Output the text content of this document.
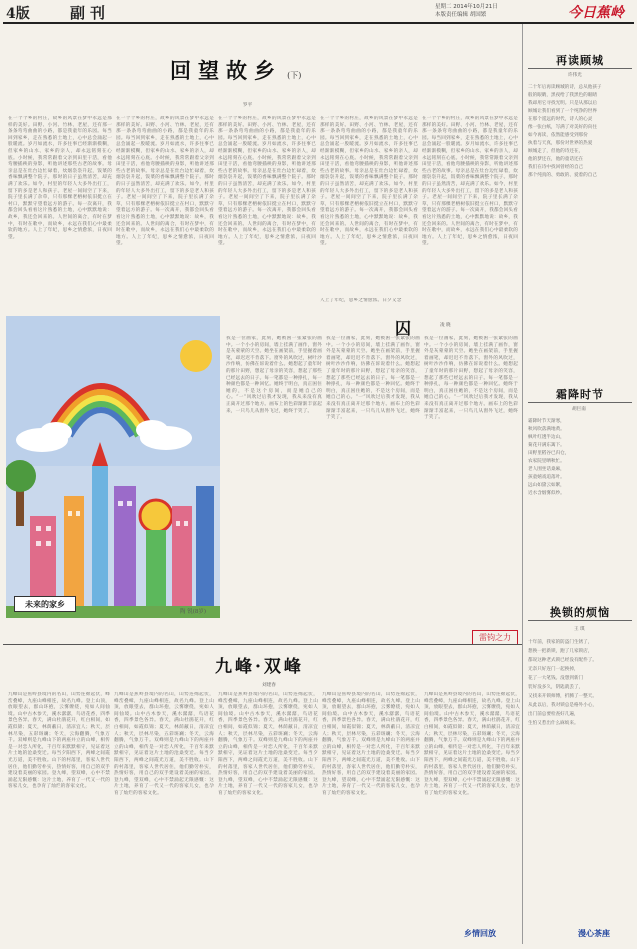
4版	副刊	星期二 2014年10月21日
本版责任编辑 胡国繁	今日蕉岭
回望故乡 (下)
罗平
在一个个乡的村庄，故乡的风景在梦中永远是那样的美好。田野、小河、竹林、老屋，还有那一条条弯弯曲曲的小路，都是我童年的乐园。每当回到家乡，走在熟悉的土地上，心中总会涌起一股暖流。岁月如流水，许多往事已经渐渐模糊，但家乡的山水、家乡的亲人，却永远铭刻在心底。小时候，我常常跟着父亲到田里干活，看他弯腰插秧的身影，听他讲述那些古老的故事。母亲总是在灶台边忙碌着，炊烟袅袅升起，饭菜的香味飘满整个院子。那时的日子虽然清苦，却充满了欢乐。如今，村里的年轻人大多外出打工，留下的多是老人和孩子。老屋一间间空了下来，院子里长满了杂草，只有那棵老榕树依旧挺立在村口，默默守望着远方的游子。每一次离开，我都会回头看看这片熟悉的土地，心中默默地说：故乡，我还会回来的。人世间的离合，有时在梦中，有时在歌中，而故乡，永远在我们心中最柔软的地方。人上了年纪，思乡之情愈浓，日夜回望。
在一个个乡的村庄，故乡的风景在梦中永远是那样的美好。田野、小河、竹林、老屋，还有那一条条弯弯曲曲的小路，都是我童年的乐园。每当回到家乡，走在熟悉的土地上，心中总会涌起一股暖流。岁月如流水，许多往事已经渐渐模糊，但家乡的山水、家乡的亲人，却永远铭刻在心底。小时候，我常常跟着父亲到田里干活，看他弯腰插秧的身影，听他讲述那些古老的故事。母亲总是在灶台边忙碌着，炊烟袅袅升起，饭菜的香味飘满整个院子。那时的日子虽然清苦，却充满了欢乐。如今，村里的年轻人大多外出打工，留下的多是老人和孩子。老屋一间间空了下来，院子里长满了杂草，只有那棵老榕树依旧挺立在村口，默默守望着远方的游子。每一次离开，我都会回头看看这片熟悉的土地，心中默默地说：故乡，我还会回来的。人世间的离合，有时在梦中，有时在歌中，而故乡，永远在我们心中最柔软的地方。人上了年纪，思乡之情愈浓，日夜回望。
在一个个乡的村庄，故乡的风景在梦中永远是那样的美好。田野、小河、竹林、老屋，还有那一条条弯弯曲曲的小路，都是我童年的乐园。每当回到家乡，走在熟悉的土地上，心中总会涌起一股暖流。岁月如流水，许多往事已经渐渐模糊，但家乡的山水、家乡的亲人，却永远铭刻在心底。小时候，我常常跟着父亲到田里干活，看他弯腰插秧的身影，听他讲述那些古老的故事。母亲总是在灶台边忙碌着，炊烟袅袅升起，饭菜的香味飘满整个院子。那时的日子虽然清苦，却充满了欢乐。如今，村里的年轻人大多外出打工，留下的多是老人和孩子。老屋一间间空了下来，院子里长满了杂草，只有那棵老榕树依旧挺立在村口，默默守望着远方的游子。每一次离开，我都会回头看看这片熟悉的土地，心中默默地说：故乡，我还会回来的。人世间的离合，有时在梦中，有时在歌中，而故乡，永远在我们心中最柔软的地方。人上了年纪，思乡之情愈浓，日夜回望。
在一个个乡的村庄，故乡的风景在梦中永远是那样的美好。田野、小河、竹林、老屋，还有那一条条弯弯曲曲的小路，都是我童年的乐园。每当回到家乡，走在熟悉的土地上，心中总会涌起一股暖流。岁月如流水，许多往事已经渐渐模糊，但家乡的山水、家乡的亲人，却永远铭刻在心底。小时候，我常常跟着父亲到田里干活，看他弯腰插秧的身影，听他讲述那些古老的故事。母亲总是在灶台边忙碌着，炊烟袅袅升起，饭菜的香味飘满整个院子。那时的日子虽然清苦，却充满了欢乐。如今，村里的年轻人大多外出打工，留下的多是老人和孩子。老屋一间间空了下来，院子里长满了杂草，只有那棵老榕树依旧挺立在村口，默默守望着远方的游子。每一次离开，我都会回头看看这片熟悉的土地，心中默默地说：故乡，我还会回来的。人世间的离合，有时在梦中，有时在歌中，而故乡，永远在我们心中最柔软的地方。人上了年纪，思乡之情愈浓，日夜回望。
在一个个乡的村庄，故乡的风景在梦中永远是那样的美好。田野、小河、竹林、老屋，还有那一条条弯弯曲曲的小路，都是我童年的乐园。每当回到家乡，走在熟悉的土地上，心中总会涌起一股暖流。岁月如流水，许多往事已经渐渐模糊，但家乡的山水、家乡的亲人，却永远铭刻在心底。小时候，我常常跟着父亲到田里干活，看他弯腰插秧的身影，听他讲述那些古老的故事。母亲总是在灶台边忙碌着，炊烟袅袅升起，饭菜的香味飘满整个院子。那时的日子虽然清苦，却充满了欢乐。如今，村里的年轻人大多外出打工，留下的多是老人和孩子。老屋一间间空了下来，院子里长满了杂草，只有那棵老榕树依旧挺立在村口，默默守望着远方的游子。每一次离开，我都会回头看看这片熟悉的土地，心中默默地说：故乡，我还会回来的。人世间的离合，有时在梦中，有时在歌中，而故乡，永远在我们心中最柔软的地方。人上了年纪，思乡之情愈浓，日夜回望。
人上了年纪，思乡之情愈浓。日夕又念
未来的家乡
陶 锐(8岁)
囚	凌 晓
我是一位画家，此刻，她被困一张紧张的画中。一个小小的房间，墙上挂满了画作，窗外是灰蒙蒙的天空。她坐在画架前，手里握着画笔，却迟迟不肯落下。窗外的风吹过，树叶沙沙作响，仿佛在诉说着什么。她想起了童年时的那片田野，想起了母亲的笑容，想起了那些已经远去的日子。每一笔都是一种挣扎，每一种颜色都是一种回忆。她终于明白，真正困住她的，不是这个房间，而是她自己的心。“一”风吹过后我才发现，我从来没有真正离开过那个地方。画布上的色彩渐渐丰富起来，一只鸟儿从窗外飞过，她终于笑了。
我是一位画家，此刻，她被困一张紧张的画中。一个小小的房间，墙上挂满了画作，窗外是灰蒙蒙的天空。她坐在画架前，手里握着画笔，却迟迟不肯落下。窗外的风吹过，树叶沙沙作响，仿佛在诉说着什么。她想起了童年时的那片田野，想起了母亲的笑容，想起了那些已经远去的日子。每一笔都是一种挣扎，每一种颜色都是一种回忆。她终于明白，真正困住她的，不是这个房间，而是她自己的心。“一”风吹过后我才发现，我从来没有真正离开过那个地方。画布上的色彩渐渐丰富起来，一只鸟儿从窗外飞过，她终于笑了。
我是一位画家，此刻，她被困一张紧张的画中。一个小小的房间，墙上挂满了画作，窗外是灰蒙蒙的天空。她坐在画架前，手里握着画笔，却迟迟不肯落下。窗外的风吹过，树叶沙沙作响，仿佛在诉说着什么。她想起了童年时的那片田野，想起了母亲的笑容，想起了那些已经远去的日子。每一笔都是一种挣扎，每一种颜色都是一种回忆。她终于明白，真正困住她的，不是这个房间，而是她自己的心。“一”风吹过后我才发现，我从来没有真正离开过那个地方。画布上的色彩渐渐丰富起来，一只鸟儿从窗外飞过，她终于笑了。
雷钧之力
九峰·双峰
刘建春
九峰山是蕉岭县境内的名山，山势连绵起伏，峰峦叠嶂，九座山峰相连，故名九峰。登上山顶，放眼望去，群山环抱，云雾缭绕，宛如人间仙境。山中古木参天，溪水潺潺，鸟语花香，四季景色各异。春天，满山杜鹃花开，红白相间，如霞似锦；夏天，林荫蔽日，清凉宜人；秋天，层林尽染，五彩斑斓；冬天，云海翻腾，气象万千。双峰则是九峰山下的两座并立的山峰，相传是一对恋人所化，千百年来默默相守，见证着这片土地的沧桑变迁。每当夕阳西下，两峰之间霞光万道，美不胜收。山下的村落里，客家人世代居住，他们勤劳朴实，热情好客，用自己的双手建设着美丽的家园。登九峰，望双峰，心中不禁涌起无限感慨：这片土地，养育了一代又一代的客家儿女，也孕育了灿烂的客家文化。
九峰山是蕉岭县境内的名山，山势连绵起伏，峰峦叠嶂，九座山峰相连，故名九峰。登上山顶，放眼望去，群山环抱，云雾缭绕，宛如人间仙境。山中古木参天，溪水潺潺，鸟语花香，四季景色各异。春天，满山杜鹃花开，红白相间，如霞似锦；夏天，林荫蔽日，清凉宜人；秋天，层林尽染，五彩斑斓；冬天，云海翻腾，气象万千。双峰则是九峰山下的两座并立的山峰，相传是一对恋人所化，千百年来默默相守，见证着这片土地的沧桑变迁。每当夕阳西下，两峰之间霞光万道，美不胜收。山下的村落里，客家人世代居住，他们勤劳朴实，热情好客，用自己的双手建设着美丽的家园。登九峰，望双峰，心中不禁涌起无限感慨：这片土地，养育了一代又一代的客家儿女，也孕育了灿烂的客家文化。
九峰山是蕉岭县境内的名山，山势连绵起伏，峰峦叠嶂，九座山峰相连，故名九峰。登上山顶，放眼望去，群山环抱，云雾缭绕，宛如人间仙境。山中古木参天，溪水潺潺，鸟语花香，四季景色各异。春天，满山杜鹃花开，红白相间，如霞似锦；夏天，林荫蔽日，清凉宜人；秋天，层林尽染，五彩斑斓；冬天，云海翻腾，气象万千。双峰则是九峰山下的两座并立的山峰，相传是一对恋人所化，千百年来默默相守，见证着这片土地的沧桑变迁。每当夕阳西下，两峰之间霞光万道，美不胜收。山下的村落里，客家人世代居住，他们勤劳朴实，热情好客，用自己的双手建设着美丽的家园。登九峰，望双峰，心中不禁涌起无限感慨：这片土地，养育了一代又一代的客家儿女，也孕育了灿烂的客家文化。
九峰山是蕉岭县境内的名山，山势连绵起伏，峰峦叠嶂，九座山峰相连，故名九峰。登上山顶，放眼望去，群山环抱，云雾缭绕，宛如人间仙境。山中古木参天，溪水潺潺，鸟语花香，四季景色各异。春天，满山杜鹃花开，红白相间，如霞似锦；夏天，林荫蔽日，清凉宜人；秋天，层林尽染，五彩斑斓；冬天，云海翻腾，气象万千。双峰则是九峰山下的两座并立的山峰，相传是一对恋人所化，千百年来默默相守，见证着这片土地的沧桑变迁。每当夕阳西下，两峰之间霞光万道，美不胜收。山下的村落里，客家人世代居住，他们勤劳朴实，热情好客，用自己的双手建设着美丽的家园。登九峰，望双峰，心中不禁涌起无限感慨：这片土地，养育了一代又一代的客家儿女，也孕育了灿烂的客家文化。
九峰山是蕉岭县境内的名山，山势连绵起伏，峰峦叠嶂，九座山峰相连，故名九峰。登上山顶，放眼望去，群山环抱，云雾缭绕，宛如人间仙境。山中古木参天，溪水潺潺，鸟语花香，四季景色各异。春天，满山杜鹃花开，红白相间，如霞似锦；夏天，林荫蔽日，清凉宜人；秋天，层林尽染，五彩斑斓；冬天，云海翻腾，气象万千。双峰则是九峰山下的两座并立的山峰，相传是一对恋人所化，千百年来默默相守，见证着这片土地的沧桑变迁。每当夕阳西下，两峰之间霞光万道，美不胜收。山下的村落里，客家人世代居住，他们勤劳朴实，热情好客，用自己的双手建设着美丽的家园。登九峰，望双峰，心中不禁涌起无限感慨：这片土地，养育了一代又一代的客家儿女，也孕育了灿烂的客家文化。
乡情回放
再读顾城
许伟光
二十年后再读顾城的诗，总从他孩子
般的眼睛，黑夜给了我黑色的眼睛
我却用它寻找光明。只是从那以后
顾城让我们看到了一个纯净的世界
在那个遥远的时代，诗人的心灵
像一张白纸，写满了对美好的向往
如今再读，依然能感受到那份
执着与天真，那份对世界的热爱
顾城走了，但他的诗还在，
他的梦还在，他的童话还在
我们在诗中找回曾经的自己
那个纯真的、勇敢的、爱着的自己
霜降时节
胡巨南
霜降时节天渐寒，
秋风吹落满地黄。
枫叶红透半边山，
菊花开满东篱下。
田野里稻谷已归仓，
农家院里晒秋忙。
老人围坐话桑麻，
孩童嬉戏追落叶。
远山如黛云如絮，
近水含烟雾似纱。
换锁的烦恼
王 琪
十年前，我家的防盗门生锈了，
想换一把新锁，跑了几家锁店，
都说这种老式锁已经没有配件了。
无奈只好连门一起换掉，
花了一大笔钱。没想到新门
装好没多久，钥匙就丢了，
又找来开锁师傅，折腾了一整天。
从此以后，我对锁总是格外小心，
出门前总要检查好几遍，
生怕又惹出什么麻烦来。
漫心茶座
